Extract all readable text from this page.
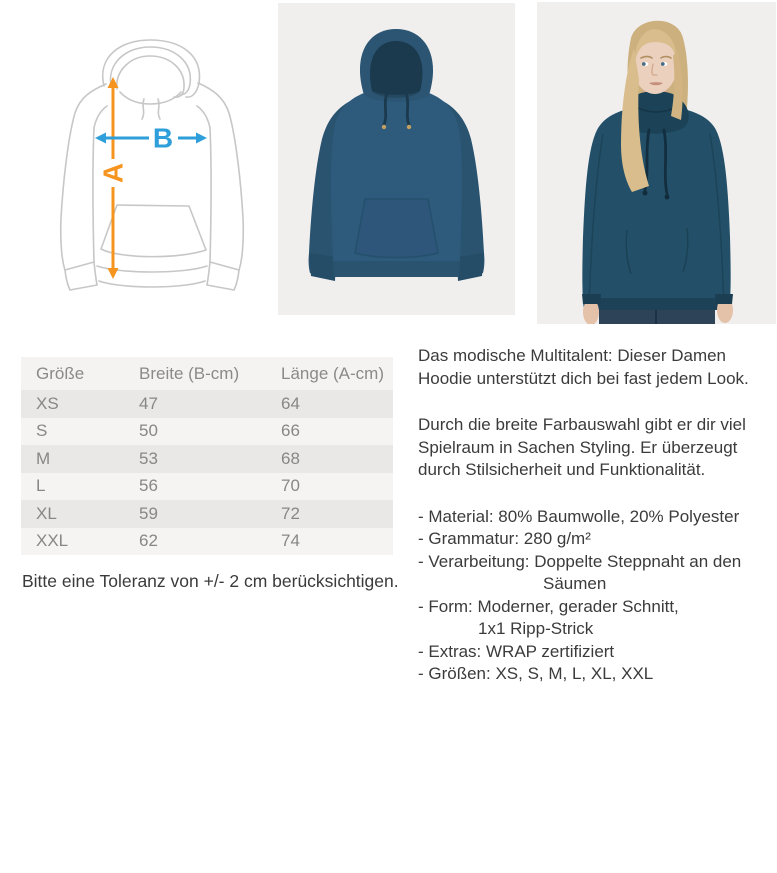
A
B
Größe	Breite (B-cm)	Länge (A-cm)
XS	47	64
S	50	66
M	53	68
L	56	70
XL	59	72
XXL	62	74

Bitte eine Toleranz von +/- 2 cm berücksichtigen.

Das modische Multitalent: Dieser Damen
Hoodie unterstützt dich bei fast jedem Look.
Durch die breite Farbauswahl gibt er dir viel
Spielraum in Sachen Styling. Er überzeugt
durch Stilsicherheit und Funktionalität.
- Material: 80% Baumwolle, 20% Polyester
- Grammatur: 280 g/m²
- Verarbeitung: Doppelte Steppnaht an den
Säumen
- Form: Moderner, gerader Schnitt,
1x1 Ripp-Strick
- Extras: WRAP zertifiziert
- Größen: XS, S, M, L, XL, XXL
